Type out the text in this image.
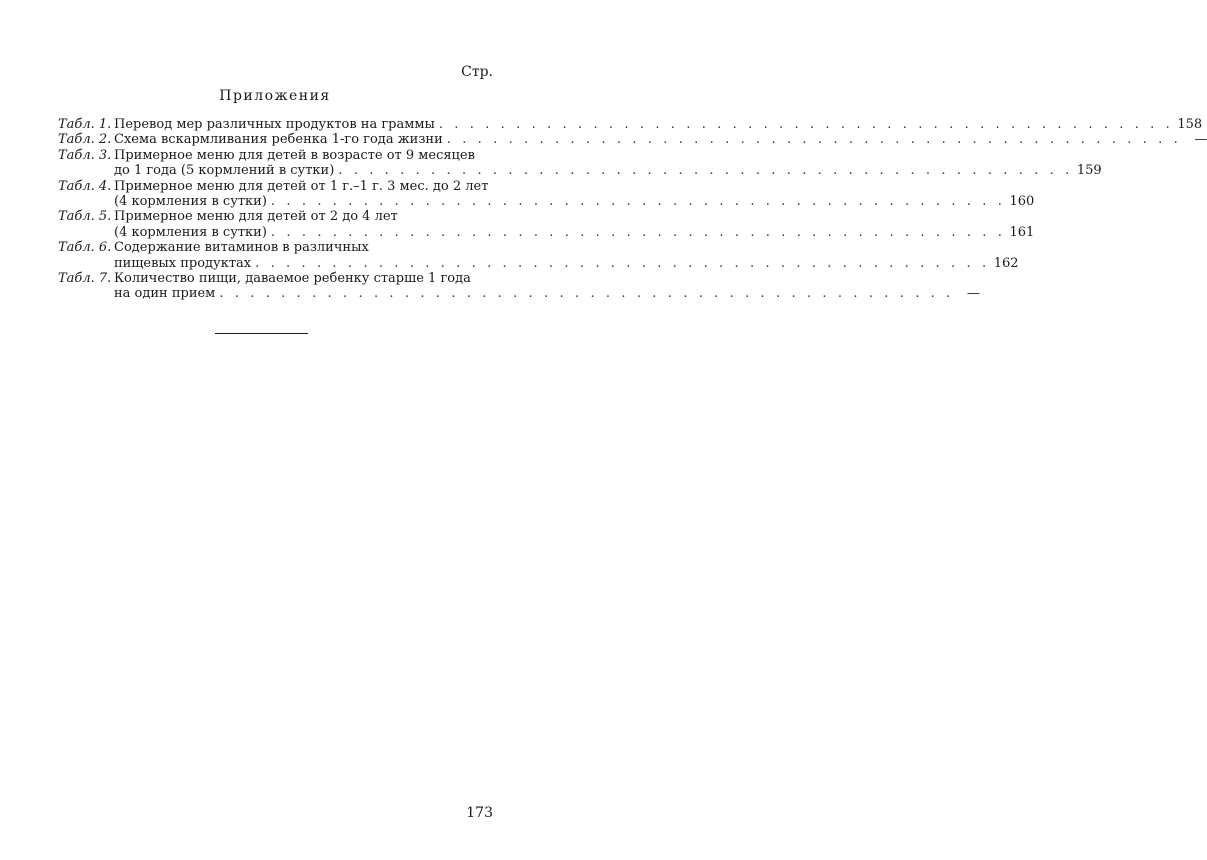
Стр.
Приложения
Табл. 1. Перевод мер различных продуктов на граммы . . . . . . . . . . . . . . . . . . . . . . . . . . . . . . . . . . . . . . . . . . . . . . . . 158
Табл. 2. Схема вскармливания ребенка 1-го года жизни . . . . . . . . . . . . . . . . . . . . . . . . . . . . . . . . . . . . . . . . . . . . . . . .	—
Табл. 3. Примерное меню для детей в возрасте от 9 месяцев
до 1 года (5 кормлений в сутки) . . . . . . . . . . . . . . . . . . . . . . . . . . . . . . . . . . . . . . . . . . . . . . . . 159
Табл. 4. Примерное меню для детей от 1 г.–1 г. 3 мес. до 2 лет
(4 кормления в сутки) . . . . . . . . . . . . . . . . . . . . . . . . . . . . . . . . . . . . . . . . . . . . . . . . 160
Табл. 5. Примерное меню для детей от 2 до 4 лет
(4 кормления в сутки) . . . . . . . . . . . . . . . . . . . . . . . . . . . . . . . . . . . . . . . . . . . . . . . . 161
Табл. 6. Содержание витаминов в различных
пищевых продуктах . . . . . . . . . . . . . . . . . . . . . . . . . . . . . . . . . . . . . . . . . . . . . . . . 162
Табл. 7. Количество пищи, даваемое ребенку старше 1 года
на один прием . . . . . . . . . . . . . . . . . . . . . . . . . . . . . . . . . . . . . . . . . . . . . . . .	—
173
